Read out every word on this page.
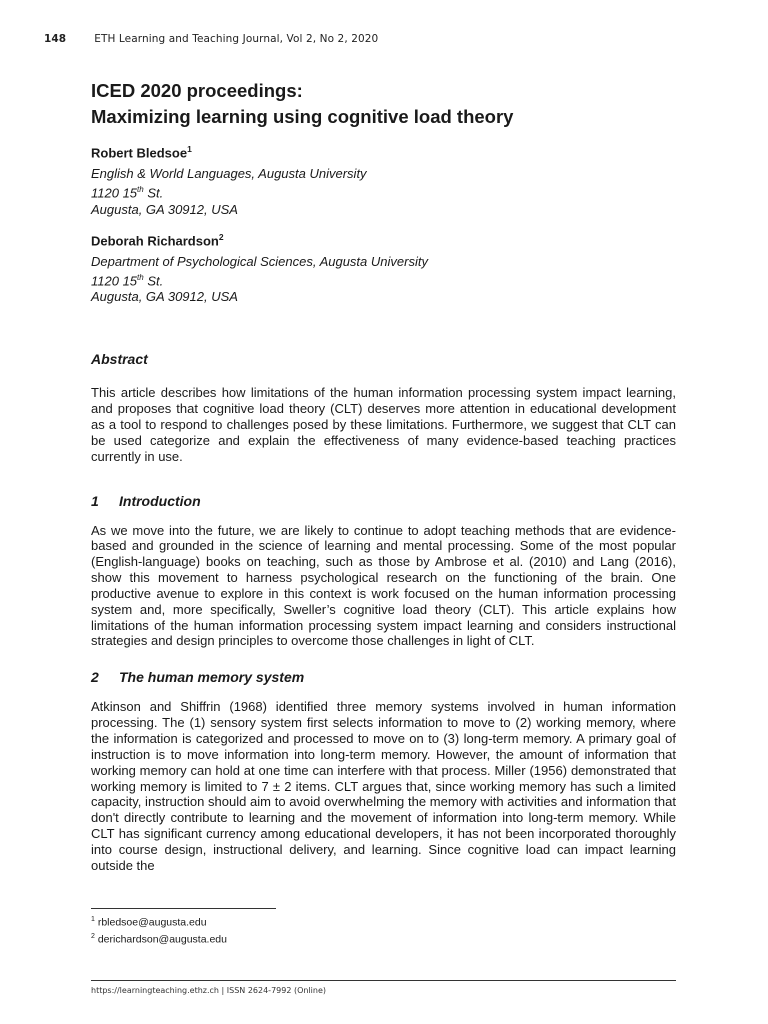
148	ETH Learning and Teaching Journal, Vol 2, No 2, 2020
ICED 2020 proceedings:
Maximizing learning using cognitive load theory
Robert Bledsoe$^1$

English & World Languages, Augusta University
1120 15th St.
Augusta, GA 30912, USA

Deborah Richardson$^2$

Department of Psychological Sciences, Augusta University
1120 15th St.
Augusta, GA 30912, USA

Abstract

This article describes how limitations of the human information processing system impact learning, and proposes that cognitive load theory (CLT) deserves more attention in educational development as a tool to respond to challenges posed by these limitations. Furthermore, we suggest that CLT can be used categorize and explain the effectiveness of many evidence-based teaching practices currently in use.

1	Introduction

As we move into the future, we are likely to continue to adopt teaching methods that are evidence-based and grounded in the science of learning and mental processing. Some of the most popular (English-language) books on teaching, such as those by Ambrose et al. (2010) and Lang (2016), show this movement to harness psychological research on the functioning of the brain. One productive avenue to explore in this context is work focused on the human information processing system and, more specifically, Sweller’s cognitive load theory (CLT). This article explains how limitations of the human information processing system impact learning and considers instructional strategies and design principles to overcome those challenges in light of CLT.

2	The human memory system

Atkinson and Shiffrin (1968) identified three memory systems involved in human information processing. The (1) sensory system first selects information to move to (2) working memory, where the information is categorized and processed to move on to (3) long-term memory. A primary goal of instruction is to move information into long-term memory. However, the amount of information that working memory can hold at one time can interfere with that process. Miller (1956) demonstrated that working memory is limited to 7 ± 2 items. CLT argues that, since working memory has such a limited capacity, instruction should aim to avoid overwhelming the memory with activities and information that don't directly contribute to learning and the movement of information into long-term memory. While CLT has significant currency among educational developers, it has not been incorporated thoroughly into course design, instructional delivery, and learning. Since cognitive load can impact learning outside the

$^1$ rbledsoe@augusta.edu
$^2$ derichardson@augusta.edu
https://learningteaching.ethz.ch | ISSN 2624-7992 (Online)
